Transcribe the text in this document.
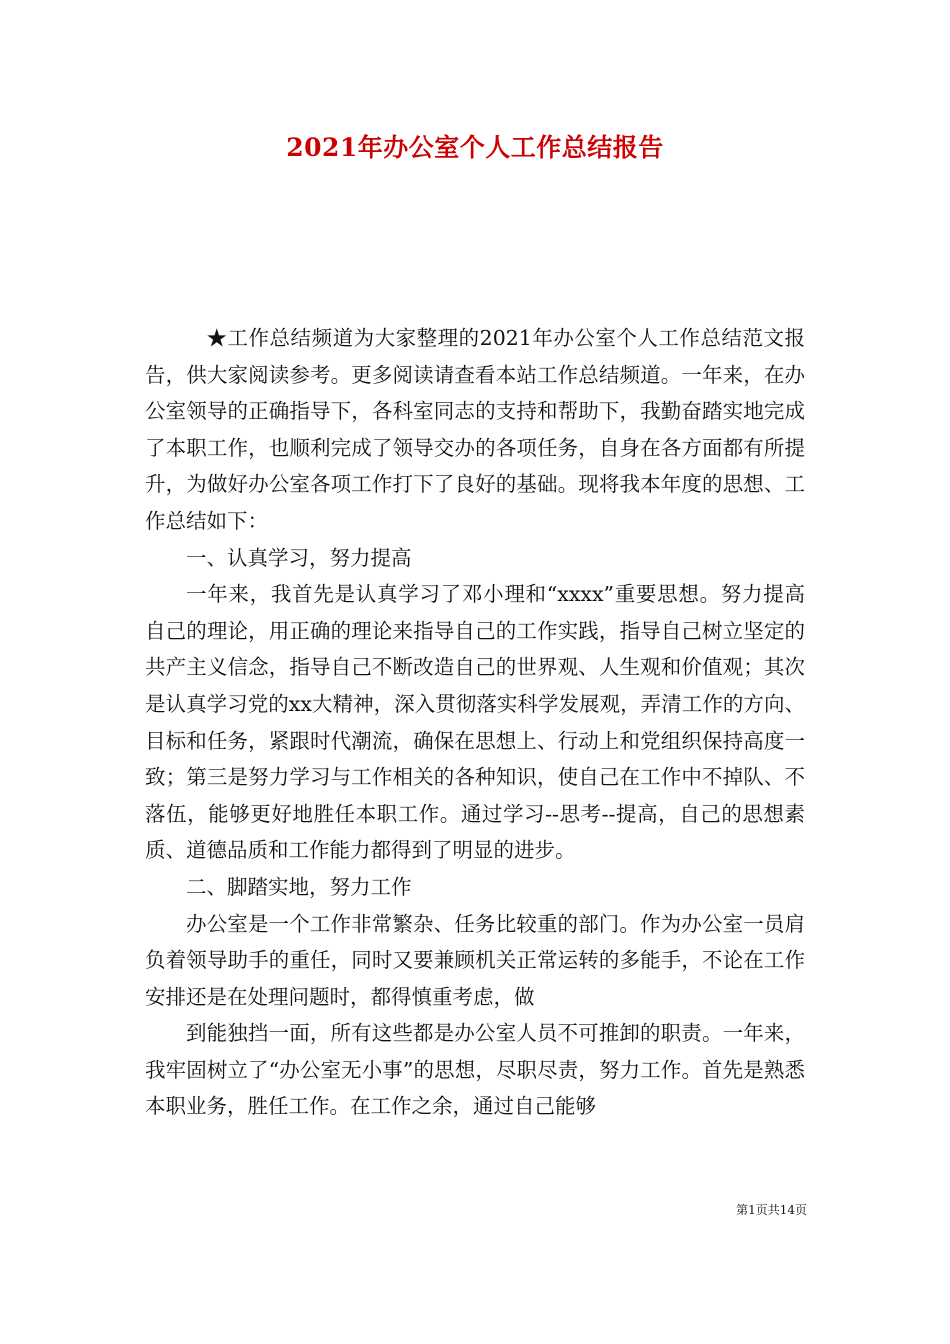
2021年办公室个人工作总结报告

★工作总结频道为大家整理的2021年办公室个人工作总结范文报告，供大家阅读参考。更多阅读请查看本站工作总结频道。一年来，在办公室领导的正确指导下，各科室同志的支持和帮助下，我勤奋踏实地完成了本职工作，也顺利完成了领导交办的各项任务，自身在各方面都有所提升，为做好办公室各项工作打下了良好的基础。现将我本年度的思想、工作总结如下：

一、认真学习，努力提高

一年来，我首先是认真学习了邓小理和“xxxx”重要思想。努力提高自己的理论，用正确的理论来指导自己的工作实践，指导自己树立坚定的共产主义信念，指导自己不断改造自己的世界观、人生观和价值观；其次是认真学习党的xx大精神，深入贯彻落实科学发展观，弄清工作的方向、目标和任务，紧跟时代潮流，确保在思想上、行动上和党组织保持高度一致；第三是努力学习与工作相关的各种知识，使自己在工作中不掉队、不落伍，能够更好地胜任本职工作。通过学习--思考--提高，自己的思想素质、道德品质和工作能力都得到了明显的进步。

二、脚踏实地，努力工作

办公室是一个工作非常繁杂、任务比较重的部门。作为办公室一员肩负着领导助手的重任，同时又要兼顾机关正常运转的多能手，不论在工作安排还是在处理问题时，都得慎重考虑，做

到能独挡一面，所有这些都是办公室人员不可推卸的职责。一年来，我牢固树立了“办公室无小事”的思想，尽职尽责，努力工作。首先是熟悉本职业务，胜任工作。在工作之余，通过自己能够

第1页共14页
